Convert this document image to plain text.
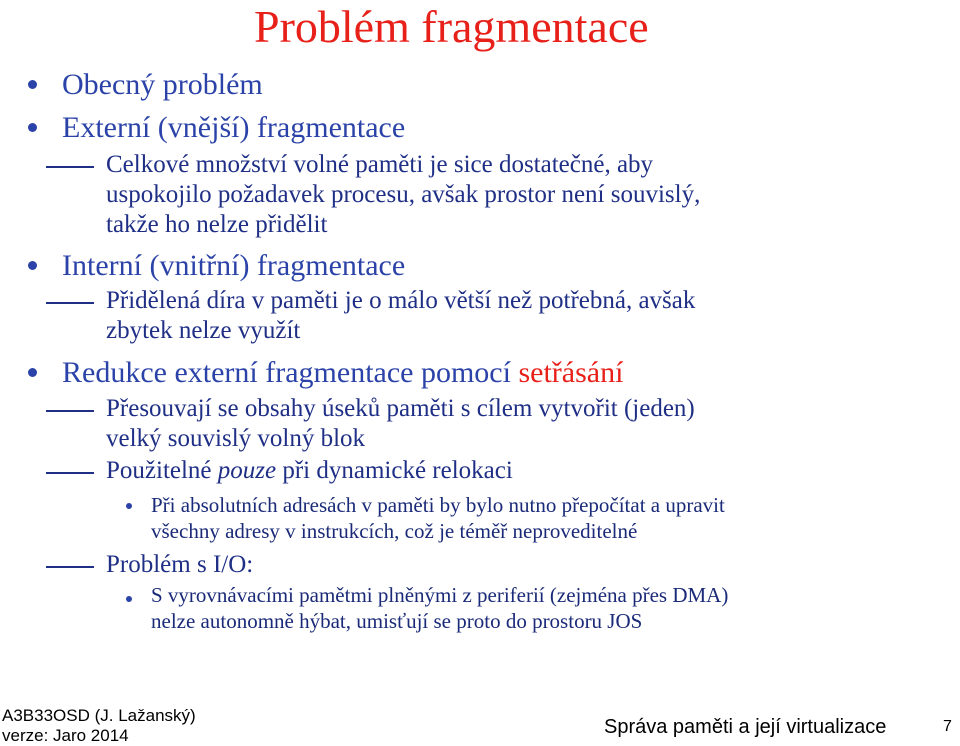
Problém fragmentace
Obecný problém
Externí (vnější) fragmentace
Celkové množství volné paměti je sice dostatečné, aby
uspokojilo požadavek procesu, avšak prostor není souvislý,
takže ho nelze přidělit
Interní (vnitřní) fragmentace
Přidělená díra v paměti je o málo větší než potřebná, avšak
zbytek nelze využít
Redukce externí fragmentace pomocí setřásání
Přesouvají se obsahy úseků paměti s cílem vytvořit (jeden)
velký souvislý volný blok
Použitelné pouze při dynamické relokaci
Při absolutních adresách v paměti by bylo nutno přepočítat a upravit
všechny adresy v instrukcích, což je téměř neproveditelné
Problém s I/O:
S vyrovnávacími pamětmi plněnými z periferií (zejména přes DMA)
nelze autonomně hýbat, umisťují se proto do prostoru JOS
A3B33OSD (J. Lažanský)
verze: Jaro 2014	Správa paměti a její virtualizace	7
